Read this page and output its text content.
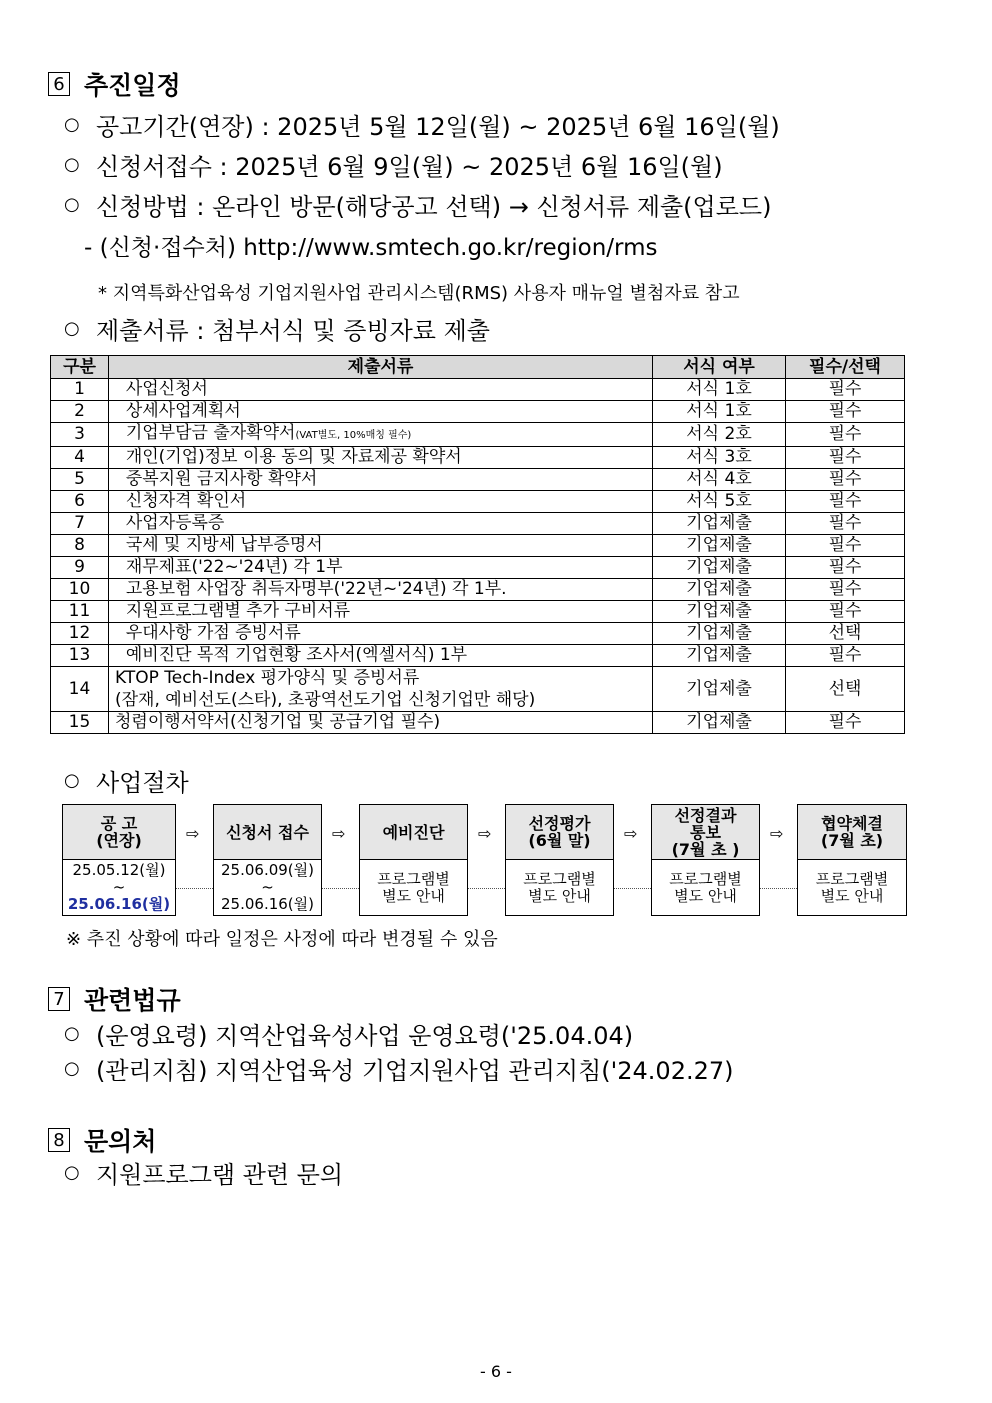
6 추진일정
○ 공고기간(연장) : 2025년 5월 12일(월) ~ 2025년 6월 16일(월)
○ 신청서접수 : 2025년 6월 9일(월) ~ 2025년 6월 16일(월)
○ 신청방법 : 온라인 방문(해당공고 선택) → 신청서류 제출(업로드)
- (신청·접수처) http://www.smtech.go.kr/region/rms
* 지역특화산업육성 기업지원사업 관리시스템(RMS) 사용자 매뉴얼 별첨자료 참고
○ 제출서류 : 첨부서식 및 증빙자료 제출
구분	제출서류	서식 여부	필수/선택
1	사업신청서	서식 1호	필수
2	상세사업계획서	서식 1호	필수
3	기업부담금 출자확약서(VAT별도, 10%매칭 필수)	서식 2호	필수
4	개인(기업)정보 이용 동의 및 자료제공 확약서	서식 3호	필수
5	중복지원 금지사항 확약서	서식 4호	필수
6	신청자격 확인서	서식 5호	필수
7	사업자등록증	기업제출	필수
8	국세 및 지방세 납부증명서	기업제출	필수
9	재무제표('22~'24년) 각 1부	기업제출	필수
10	고용보험 사업장 취득자명부('22년~'24년) 각 1부.	기업제출	필수
11	지원프로그램별 추가 구비서류	기업제출	필수
12	우대사항 가점 증빙서류	기업제출	선택
13	예비진단 목적 기업현황 조사서(엑셀서식) 1부	기업제출	필수
14	KTOP Tech-Index 평가양식 및 증빙서류
(잠재, 예비선도(스타), 초광역선도기업 신청기업만 해당)	기업제출	선택
15	청렴이행서약서(신청기업 및 공급기업 필수)	기업제출	필수
○ 사업절차
공 고
(연장)
25.05.12(월)
~
25.06.16(월)
⇨ 신청서 접수
25.06.09(월)
~
25.06.16(월)
⇨ 예비진단
프로그램별
별도 안내
⇨
선정평가
(6월 말)
프로그램별
별도 안내
⇨
선정결과
통보
(7월 초 )
프로그램별
별도 안내
⇨
협약체결
(7월 초)
프로그램별
별도 안내
※ 추진 상황에 따라 일정은 사정에 따라 변경될 수 있음
7 관련법규
○ (운영요령) 지역산업육성사업 운영요령('25.04.04)
○ (관리지침) 지역산업육성 기업지원사업 관리지침('24.02.27)
8 문의처
○ 지원프로그램 관련 문의
- 6 -
